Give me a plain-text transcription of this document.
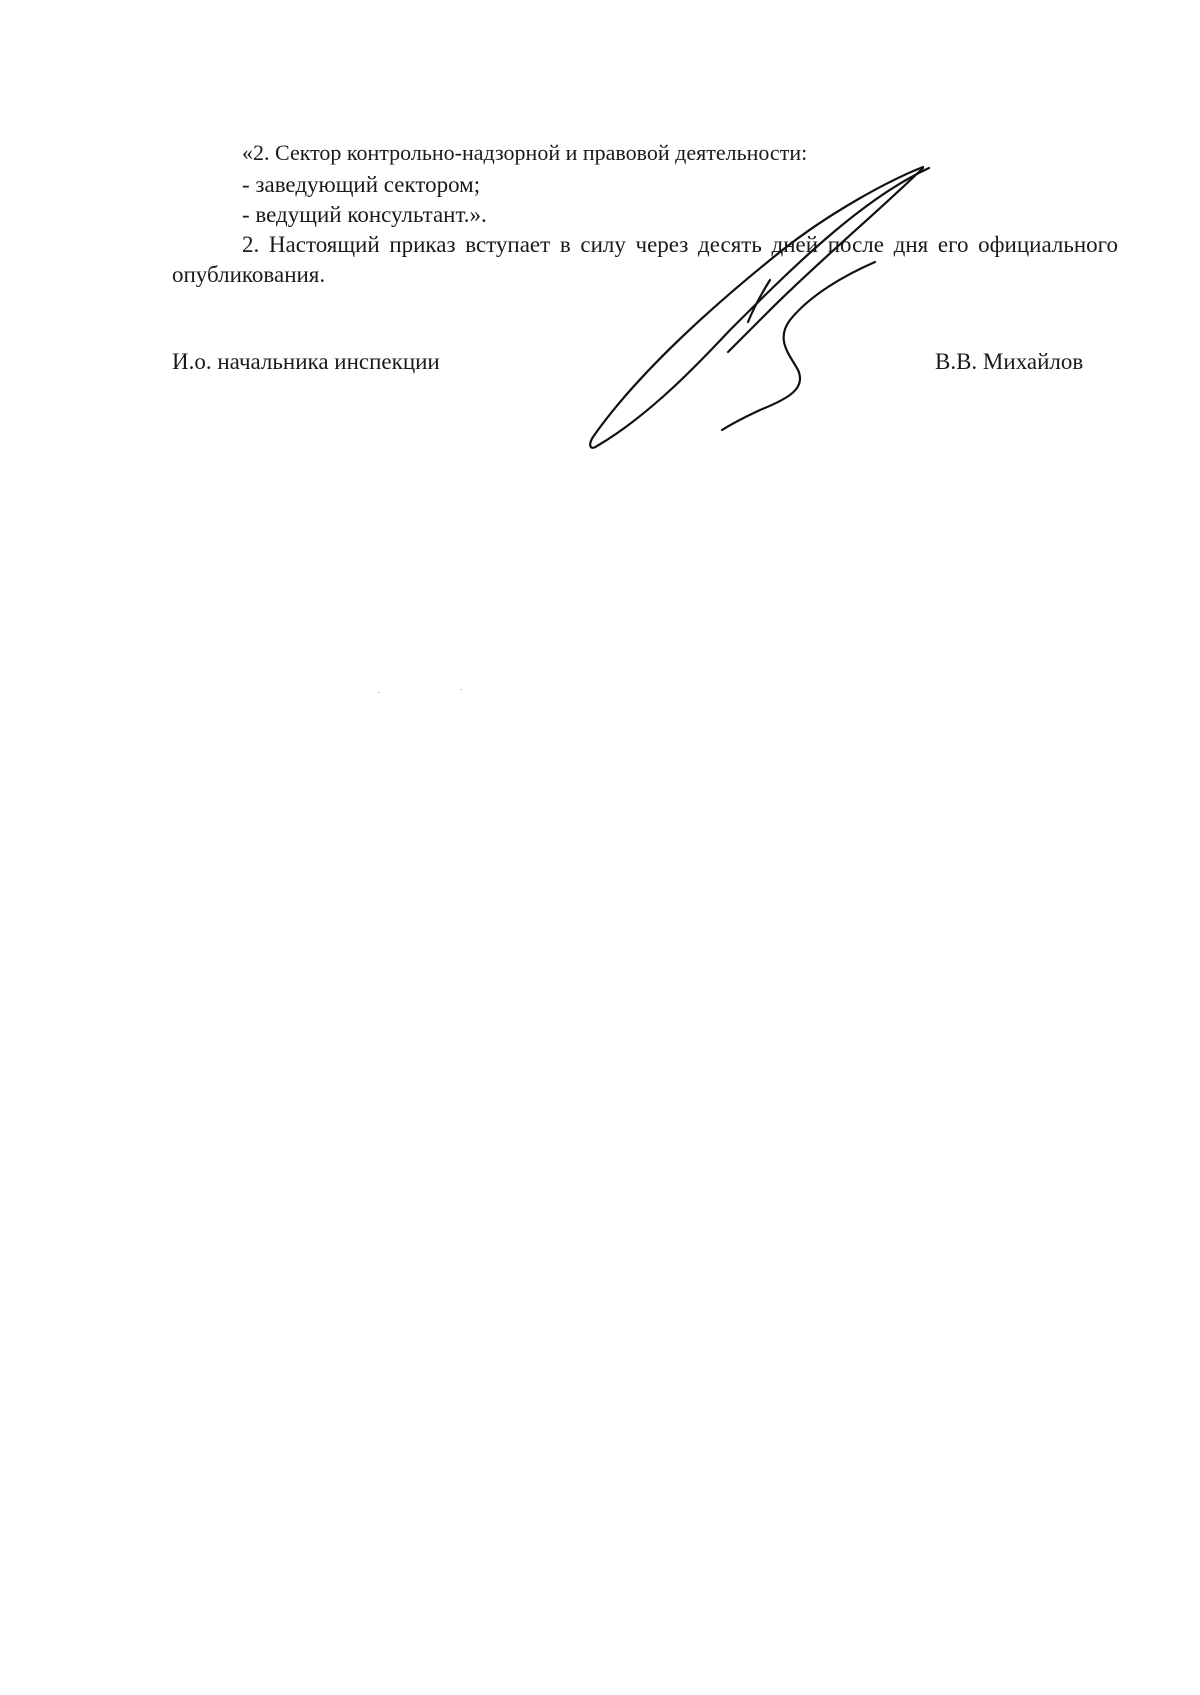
«2. Сектор контрольно-надзорной и правовой деятельности:
- заведующий сектором;
- ведущий консультант.».
2. Настоящий приказ вступает в силу через десять дней после дня его официального опубликования.
И.о. начальника инспекции	В.В. Михайлов
